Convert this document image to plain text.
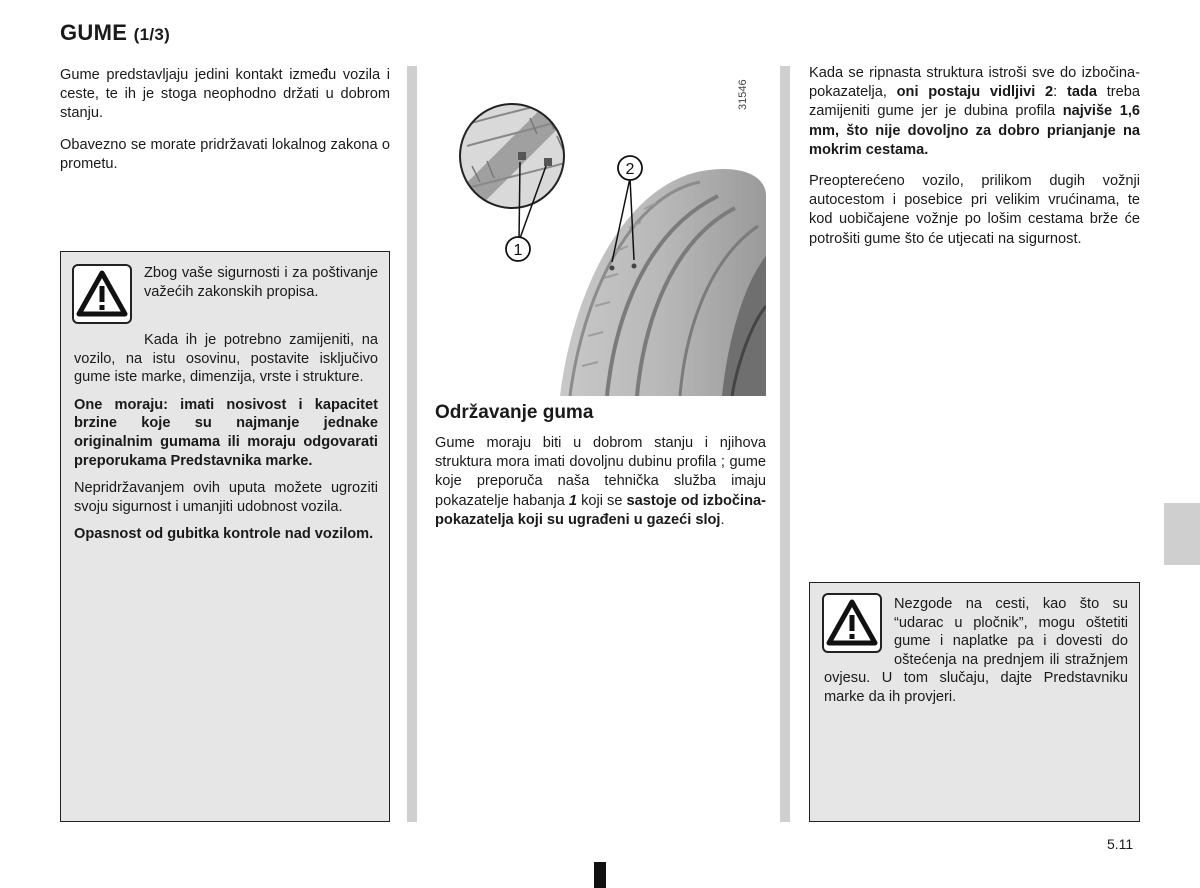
GUME (1/3)

Gume predstavljaju jedini kontakt između vozila i ceste, te ih je stoga neophodno držati u dobrom stanju.

Obavezno se morate pridržavati lokalnog zakona o prometu.

Zbog vaše sigurnosti i za poštivanje važećih zakonskih propisa.

Kada ih je potrebno zamijeniti, na vozilo, na istu osovinu, postavite isključivo gume iste marke, dimenzija, vrste i strukture.

One moraju: imati nosivost i kapacitet brzine koje su najmanje jednake originalnim gumama ili moraju odgovarati preporukama Predstavnika marke.

Nepridržavanjem ovih uputa možete ugroziti svoju sigurnost i umanjiti udobnost vozila.

Opasnost od gubitka kontrole nad vozilom.

1
2
31546
Održavanje guma
Gume moraju biti u dobrom stanju i njihova struktura mora imati dovoljnu dubinu profila ; gume koje preporuča naša tehnička služba imaju pokazatelje habanja 1 koji se sastoje od izbočina-pokazatelja koji su ugrađeni u gazeći sloj.

Kada se ripnasta struktura istroši sve do izbočina-pokazatelja, oni postaju vidljivi 2: tada treba zamijeniti gume jer je dubina profila najviše 1,6 mm, što nije dovoljno za dobro prianjanje na mokrim cestama.

Preopterećeno vozilo, prilikom dugih vožnji autocestom i posebice pri velikim vrućinama, te kod uobičajene vožnje po lošim cestama brže će potrošiti gume što će utjecati na sigurnost.

Nezgode na cesti, kao što su “udarac u pločnik”, mogu oštetiti gume i naplatke pa i dovesti do oštećenja na prednjem ili stražnjem ovjesu. U tom slučaju, dajte Predstavniku marke da ih provjeri.
5.11
